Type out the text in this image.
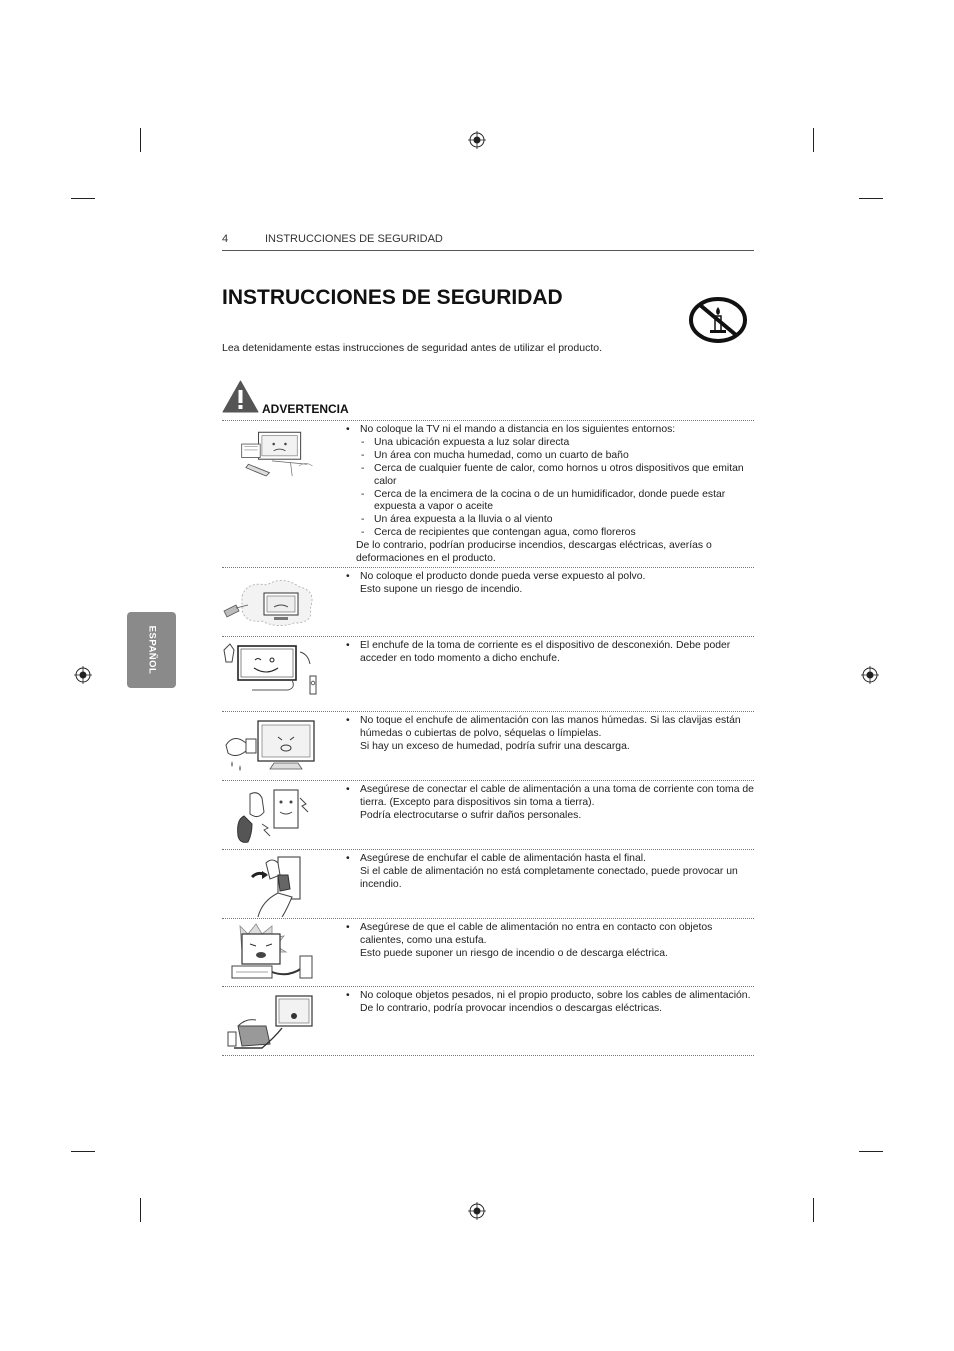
4	INSTRUCCIONES DE SEGURIDAD
INSTRUCCIONES DE SEGURIDAD
Lea detenidamente estas instrucciones de seguridad antes de utilizar el producto.
ADVERTENCIA
ESPAÑOL
• No coloque la TV ni el mando a distancia en los siguientes entornos:
- Una ubicación expuesta a luz solar directa
- Un área con mucha humedad, como un cuarto de baño
- Cerca de cualquier fuente de calor, como hornos u otros dispositivos que emitan calor
- Cerca de la encimera de la cocina o de un humidificador, donde puede estar expuesta a vapor o aceite
- Un área expuesta a la lluvia o al viento
- Cerca de recipientes que contengan agua, como floreros
De lo contrario, podrían producirse incendios, descargas eléctricas, averías o deformaciones en el producto.
• No coloque el producto donde pueda verse expuesto al polvo.
Esto supone un riesgo de incendio.
• El enchufe de la toma de corriente es el dispositivo de desconexión. Debe poder acceder en todo momento a dicho enchufe.
• No toque el enchufe de alimentación con las manos húmedas. Si las clavijas están húmedas o cubiertas de polvo, séquelas o límpielas.
Si hay un exceso de humedad, podría sufrir una descarga.
• Asegúrese de conectar el cable de alimentación a una toma de corriente con toma de tierra. (Excepto para dispositivos sin toma a tierra).
Podría electrocutarse o sufrir daños personales.
• Asegúrese de enchufar el cable de alimentación hasta el final.
Si el cable de alimentación no está completamente conectado, puede provocar un incendio.
• Asegúrese de que el cable de alimentación no entra en contacto con objetos calientes, como una estufa.
Esto puede suponer un riesgo de incendio o de descarga eléctrica.
• No coloque objetos pesados, ni el propio producto, sobre los cables de alimentación.
De lo contrario, podría provocar incendios o descargas eléctricas.
